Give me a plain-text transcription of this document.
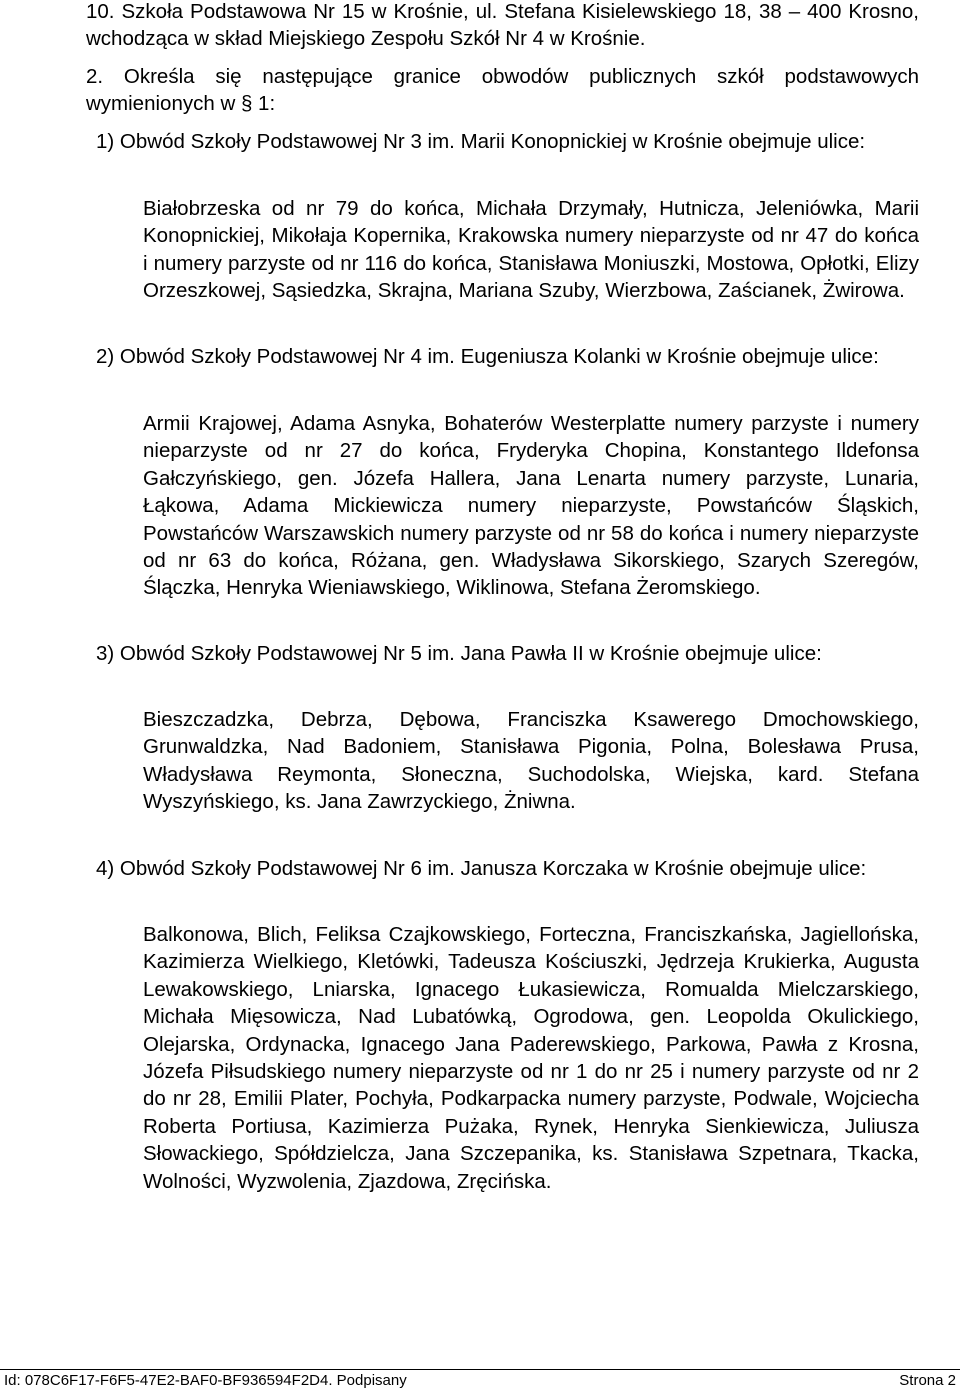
10. Szkoła Podstawowa Nr 15 w Krośnie, ul. Stefana Kisielewskiego 18, 38 – 400 Krosno, wchodząca w skład Miejskiego Zespołu Szkół Nr 4 w Krośnie.

2. Określa się następujące granice obwodów publicznych szkół podstawowych wymienionych w § 1:

1) Obwód Szkoły Podstawowej Nr 3 im. Marii Konopnickiej w Krośnie obejmuje ulice:

Białobrzeska od nr 79 do końca, Michała Drzymały, Hutnicza, Jeleniówka, Marii Konopnickiej, Mikołaja Kopernika, Krakowska numery nieparzyste od nr 47 do końca i numery parzyste od nr 116 do końca, Stanisława Moniuszki, Mostowa, Opłotki, Elizy Orzeszkowej, Sąsiedzka, Skrajna, Mariana Szuby, Wierzbowa, Zaścianek, Żwirowa.

2) Obwód Szkoły Podstawowej Nr 4 im. Eugeniusza Kolanki w Krośnie obejmuje ulice:

Armii Krajowej, Adama Asnyka, Bohaterów Westerplatte numery parzyste i numery nieparzyste od nr 27 do końca, Fryderyka Chopina, Konstantego Ildefonsa Gałczyńskiego, gen. Józefa Hallera, Jana Lenarta numery parzyste, Lunaria, Łąkowa, Adama Mickiewicza numery nieparzyste, Powstańców Śląskich, Powstańców Warszawskich numery parzyste od nr 58 do końca i numery nieparzyste od nr 63 do końca, Różana, gen. Władysława Sikorskiego, Szarych Szeregów, Ślączka, Henryka Wieniawskiego, Wiklinowa, Stefana Żeromskiego.

3) Obwód Szkoły Podstawowej Nr 5 im. Jana Pawła II w Krośnie obejmuje ulice:

Bieszczadzka, Debrza, Dębowa, Franciszka Ksawerego Dmochowskiego, Grunwaldzka, Nad Badoniem, Stanisława Pigonia, Polna, Bolesława Prusa, Władysława Reymonta, Słoneczna, Suchodolska, Wiejska, kard. Stefana Wyszyńskiego, ks. Jana Zawrzyckiego, Żniwna.

4) Obwód Szkoły Podstawowej Nr 6 im. Janusza Korczaka w Krośnie obejmuje ulice:

Balkonowa, Blich, Feliksa Czajkowskiego, Forteczna, Franciszkańska, Jagiellońska, Kazimierza Wielkiego, Kletówki, Tadeusza Kościuszki, Jędrzeja Krukierka, Augusta Lewakowskiego, Lniarska, Ignacego Łukasiewicza, Romualda Mielczarskiego, Michała Mięsowicza, Nad Lubatówką, Ogrodowa, gen. Leopolda Okulickiego, Olejarska, Ordynacka, Ignacego Jana Paderewskiego, Parkowa, Pawła z Krosna, Józefa Piłsudskiego numery nieparzyste od nr 1 do nr 25 i numery parzyste od nr 2 do nr 28, Emilii Plater, Pochyła, Podkarpacka numery parzyste, Podwale, Wojciecha Roberta Portiusa, Kazimierza Pużaka, Rynek, Henryka Sienkiewicza, Juliusza Słowackiego, Spółdzielcza, Jana Szczepanika, ks. Stanisława Szpetnara, Tkacka, Wolności, Wyzwolenia, Zjazdowa, Zręcińska.

Id: 078C6F17-F6F5-47E2-BAF0-BF936594F2D4. Podpisany	Strona 2
